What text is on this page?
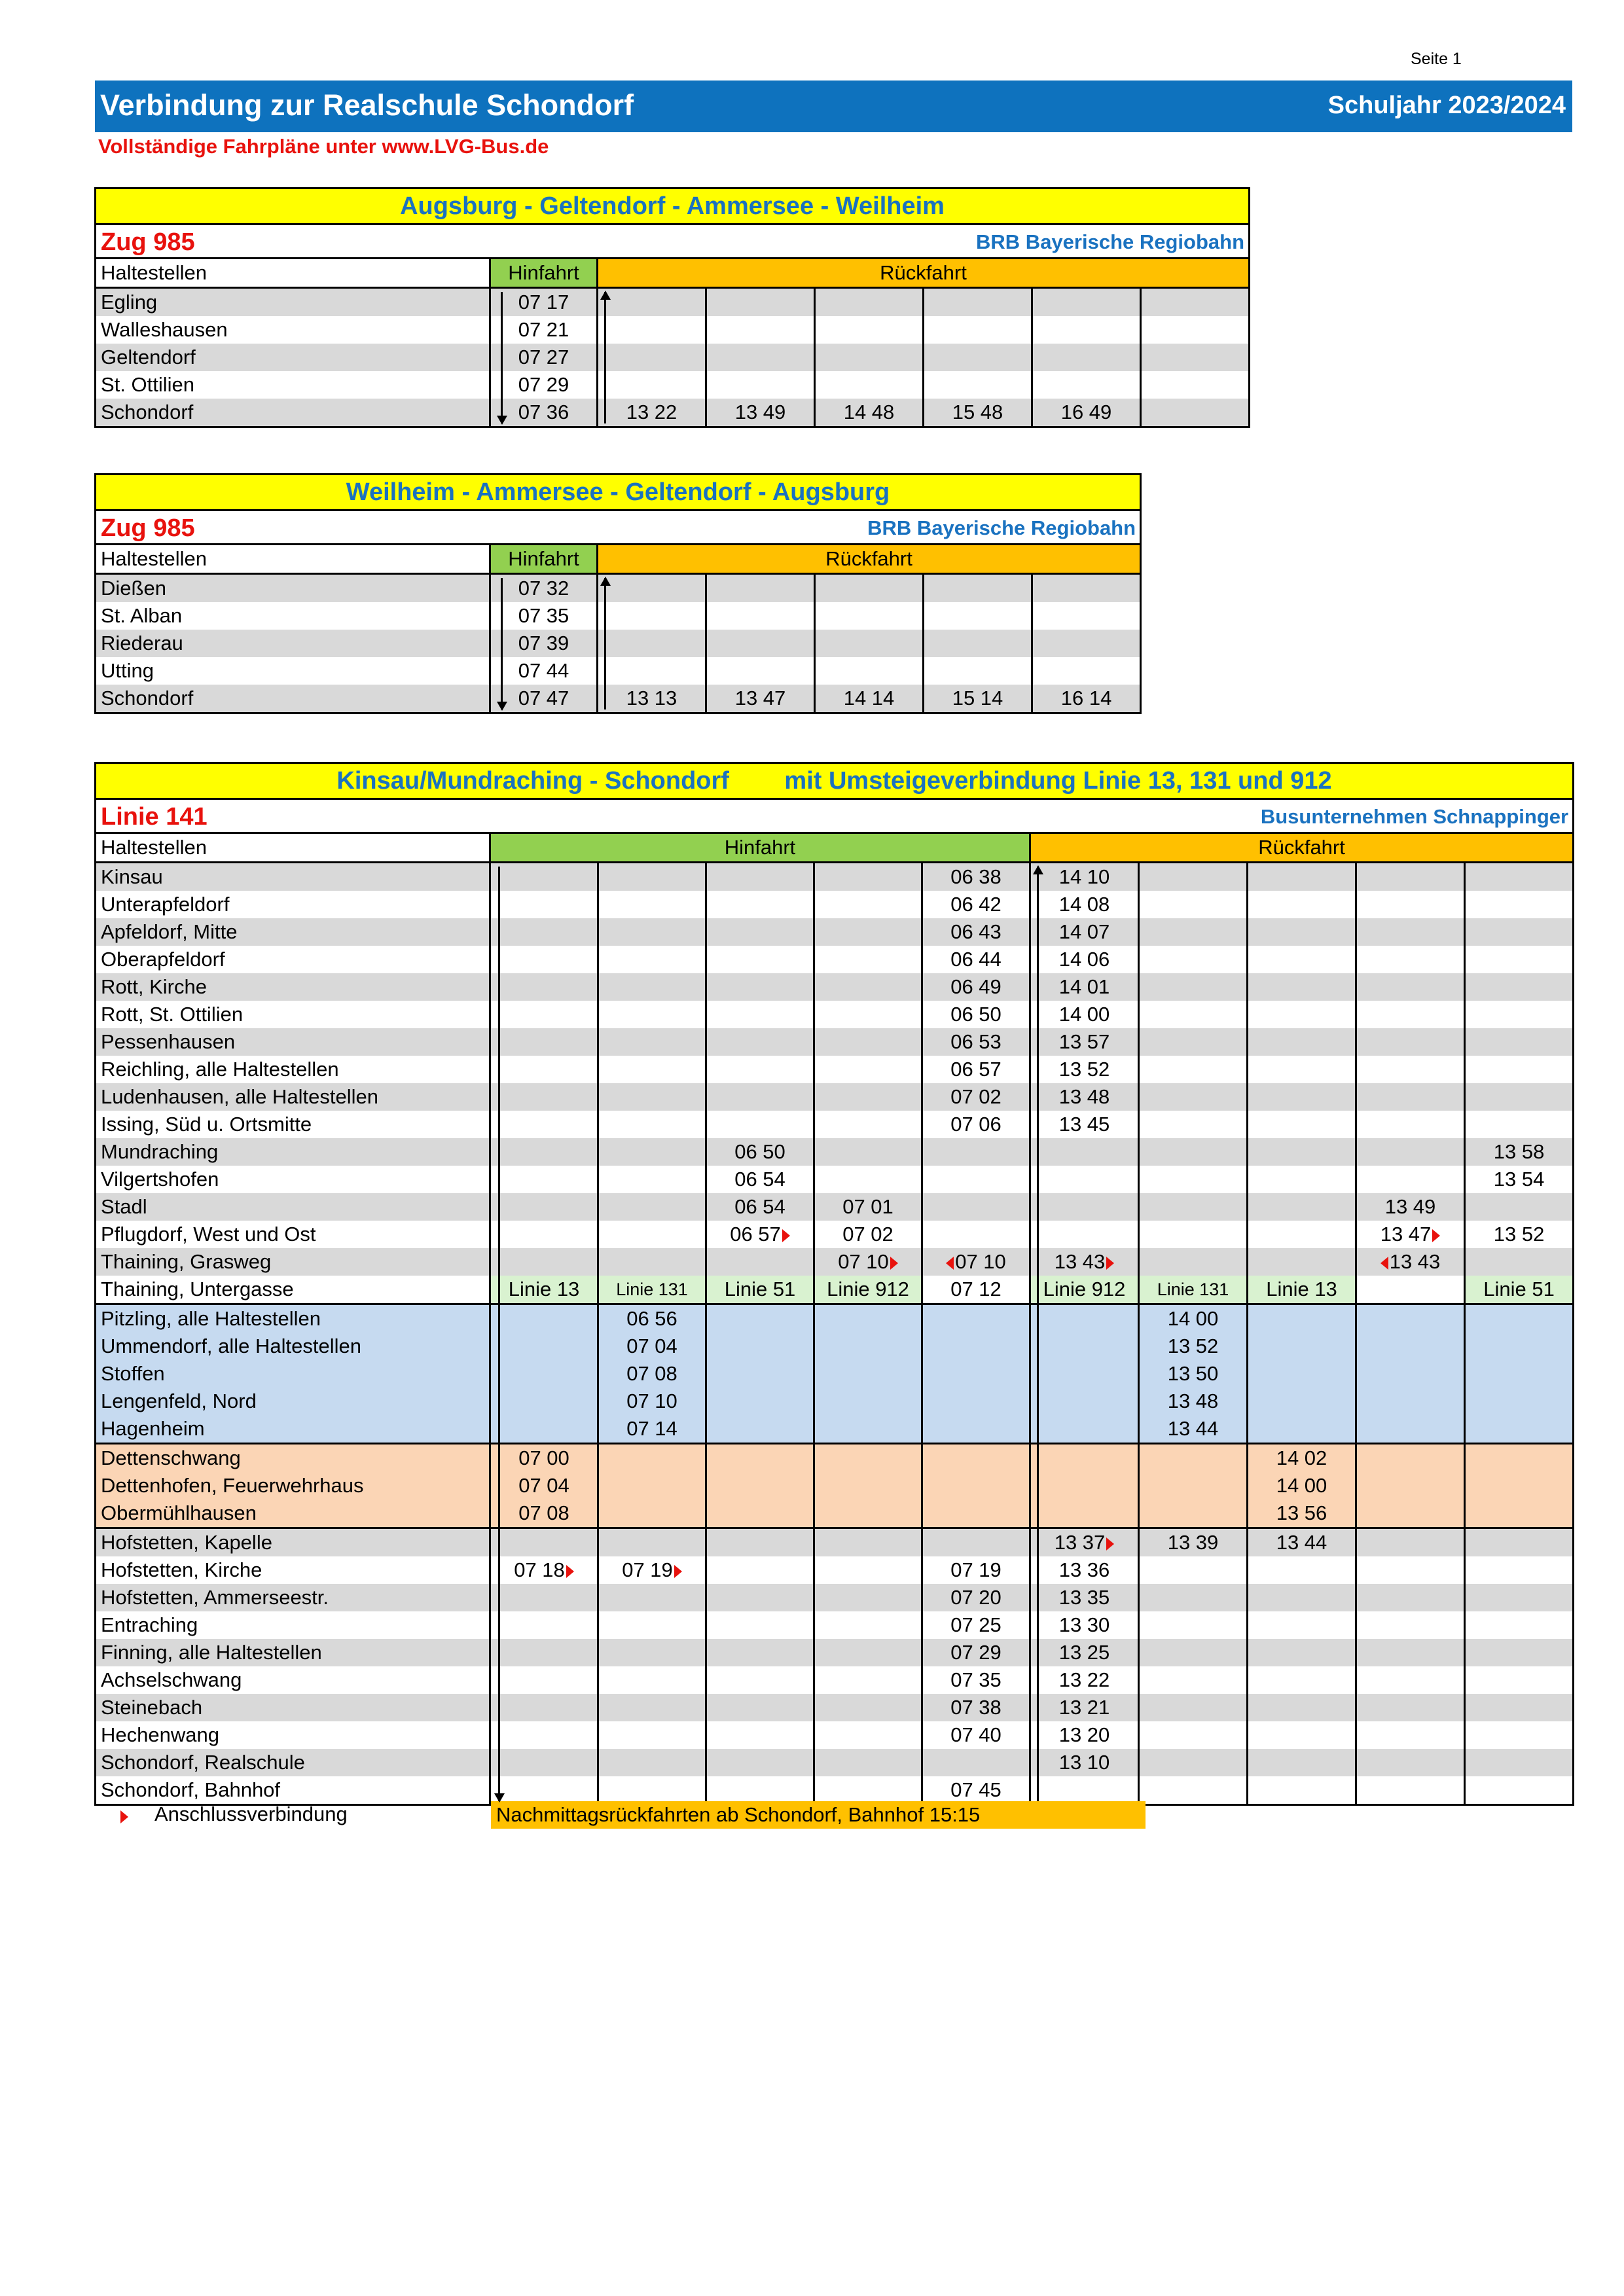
Seite 1
Verbindung zur Realschule Schondorf	Schuljahr 2023/2024
Vollständige Fahrpläne unter www.LVG-Bus.de
Augsburg - Geltendorf - Ammersee - Weilheim							

Zug 985 BRB Bayerische Regiobahn							

Haltestellen	Hinfahrt	Rückfahrt					
Egling	07 17						
Walleshausen	07 21						
Geltendorf	07 27						
St. Ottilien	07 29						
Schondorf	07 36	13 22	13 49	14 48	15 48	16 49	
Weilheim - Ammersee - Geltendorf - Augsburg						

Zug 985 BRB Bayerische Regiobahn						

Haltestellen	Hinfahrt	Rückfahrt				
Dießen	07 32					
St. Alban	07 35					
Riederau	07 39					
Utting	07 44					
Schondorf	07 47	13 13	13 47	14 14	15 14	16 14
Kinsau/Mundraching - Schondorf        mit Umsteigeverbindung Linie 13, 131 und 912										

Linie 141 Busunternehmen Schnappinger										

Haltestellen	Hinfahrt					Rückfahrt				
Kinsau					06 38	14 10				
Unterapfeldorf					06 42	14 08				
Apfeldorf, Mitte					06 43	14 07				
Oberapfeldorf					06 44	14 06				
Rott, Kirche					06 49	14 01				
Rott, St. Ottilien					06 50	14 00				
Pessenhausen					06 53	13 57				
Reichling, alle Haltestellen					06 57	13 52				
Ludenhausen, alle Haltestellen					07 02	13 48				
Issing, Süd u. Ortsmitte					07 06	13 45				
Mundraching			06 50							13 58
Vilgertshofen			06 54							13 54
Stadl			06 54	07 01					13 49	
Pflugdorf, West und Ost			06 57	07 02					13 47	13 52
Thaining, Grasweg				07 10	07 10	13 43			13 43	
Thaining, Untergasse	Linie 13	Linie 131	Linie 51	Linie 912	07 12	Linie 912	Linie 131	Linie 13		Linie 51
Pitzling, alle Haltestellen		06 56					14 00			
Ummendorf, alle Haltestellen		07 04					13 52			
Stoffen		07 08					13 50			
Lengenfeld, Nord		07 10					13 48			
Hagenheim		07 14					13 44			
Dettenschwang	07 00							14 02		
Dettenhofen, Feuerwehrhaus	07 04							14 00		
Obermühlhausen	07 08							13 56		
Hofstetten, Kapelle						13 37	13 39	13 44		
Hofstetten, Kirche	07 18	07 19			07 19	13 36				
Hofstetten, Ammerseestr.					07 20	13 35				
Entraching					07 25	13 30				
Finning, alle Haltestellen					07 29	13 25				
Achselschwang					07 35	13 22				
Steinebach					07 38	13 21				
Hechenwang					07 40	13 20				
Schondorf, Realschule						13 10				
Schondorf, Bahnhof					07 45					
Anschlussverbindung	Nachmittagsrückfahrten ab Schondorf, Bahnhof 15:15
